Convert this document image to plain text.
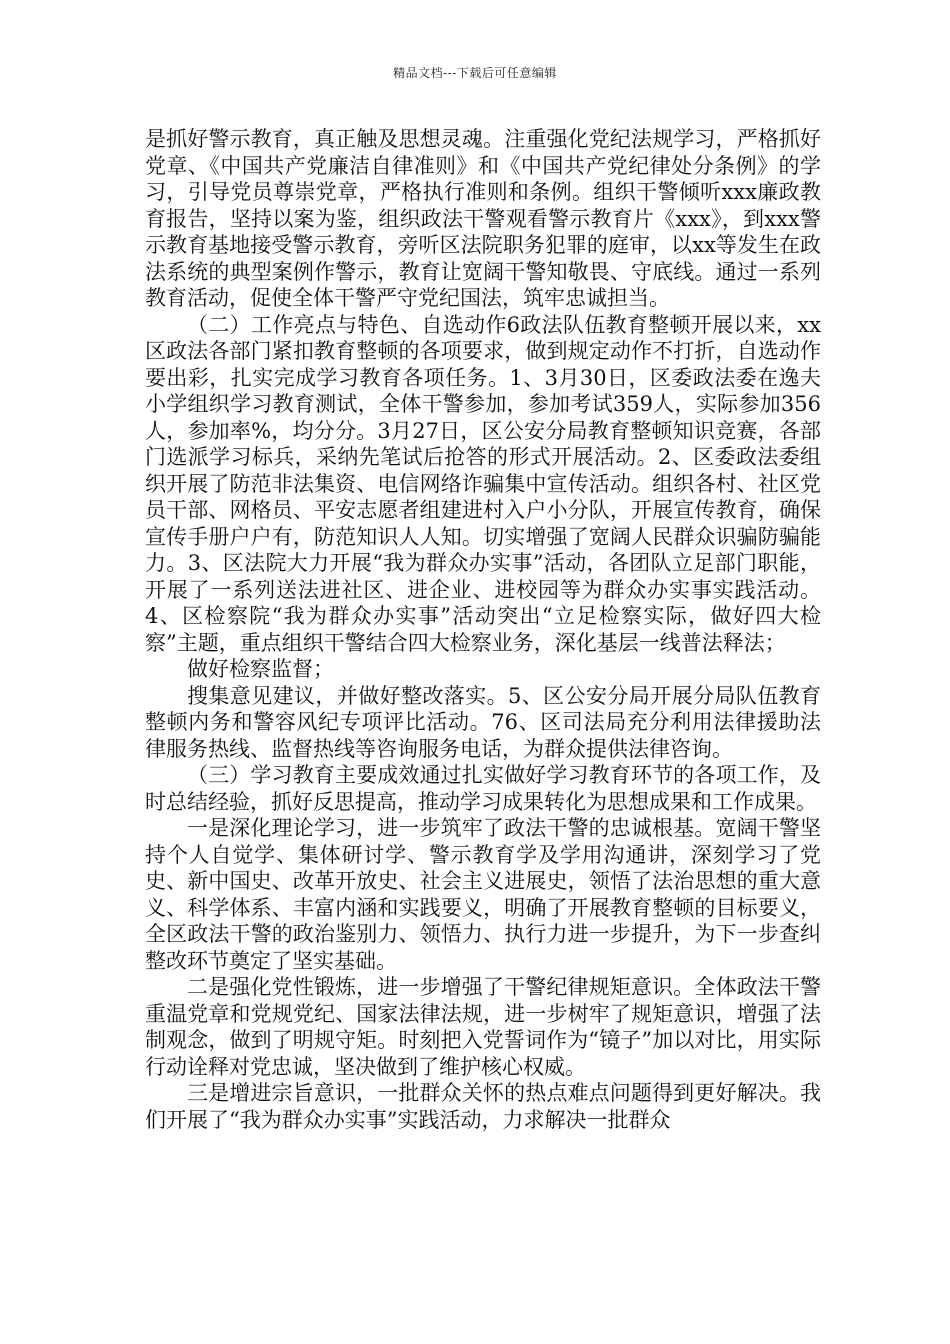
精品文档---下载后可任意编辑

是抓好警示教育，真正触及思想灵魂。注重强化党纪法规学习，严格抓好党章、《中国共产党廉洁自律准则》和《中国共产党纪律处分条例》的学习，引导党员尊崇党章，严格执行准则和条例。组织干警倾听xxx廉政教育报告，坚持以案为鉴，组织政法干警观看警示教育片《xxx》，到xxx警示教育基地接受警示教育，旁听区法院职务犯罪的庭审，以xx等发生在政法系统的典型案例作警示，教育让宽阔干警知敬畏、守底线。通过一系列教育活动，促使全体干警严守党纪国法，筑牢忠诚担当。

（二）工作亮点与特色、自选动作6政法队伍教育整顿开展以来，xx区政法各部门紧扣教育整顿的各项要求，做到规定动作不打折，自选动作要出彩，扎实完成学习教育各项任务。1、3月30日，区委政法委在逸夫小学组织学习教育测试，全体干警参加，参加考试359人，实际参加356人，参加率%，均分分。3月27日，区公安分局教育整顿知识竞赛，各部门选派学习标兵，采纳先笔试后抢答的形式开展活动。2、区委政法委组织开展了防范非法集资、电信网络诈骗集中宣传活动。组织各村、社区党员干部、网格员、平安志愿者组建进村入户小分队，开展宣传教育，确保宣传手册户户有，防范知识人人知。切实增强了宽阔人民群众识骗防骗能力。3、区法院大力开展“我为群众办实事”活动，各团队立足部门职能，开展了一系列送法进社区、进企业、进校园等为群众办实事实践活动。4、区检察院“我为群众办实事”活动突出“立足检察实际，做好四大检察”主题，重点组织干警结合四大检察业务，深化基层一线普法释法；

做好检察监督；

搜集意见建议，并做好整改落实。5、区公安分局开展分局队伍教育整顿内务和警容风纪专项评比活动。76、区司法局充分利用法律援助法律服务热线、监督热线等咨询服务电话，为群众提供法律咨询。

（三）学习教育主要成效通过扎实做好学习教育环节的各项工作，及时总结经验，抓好反思提高，推动学习成果转化为思想成果和工作成果。

一是深化理论学习，进一步筑牢了政法干警的忠诚根基。宽阔干警坚持个人自觉学、集体研讨学、警示教育学及学用沟通讲，深刻学习了党史、新中国史、改革开放史、社会主义进展史，领悟了法治思想的重大意义、科学体系、丰富内涵和实践要义，明确了开展教育整顿的目标要义，全区政法干警的政治鉴别力、领悟力、执行力进一步提升，为下一步查纠整改环节奠定了坚实基础。

二是强化党性锻炼，进一步增强了干警纪律规矩意识。全体政法干警重温党章和党规党纪、国家法律法规，进一步树牢了规矩意识，增强了法制观念，做到了明规守矩。时刻把入党誓词作为“镜子”加以对比，用实际行动诠释对党忠诚，坚决做到了维护核心权威。

三是增进宗旨意识，一批群众关怀的热点难点问题得到更好解决。我们开展了“我为群众办实事”实践活动，力求解决一批群众
